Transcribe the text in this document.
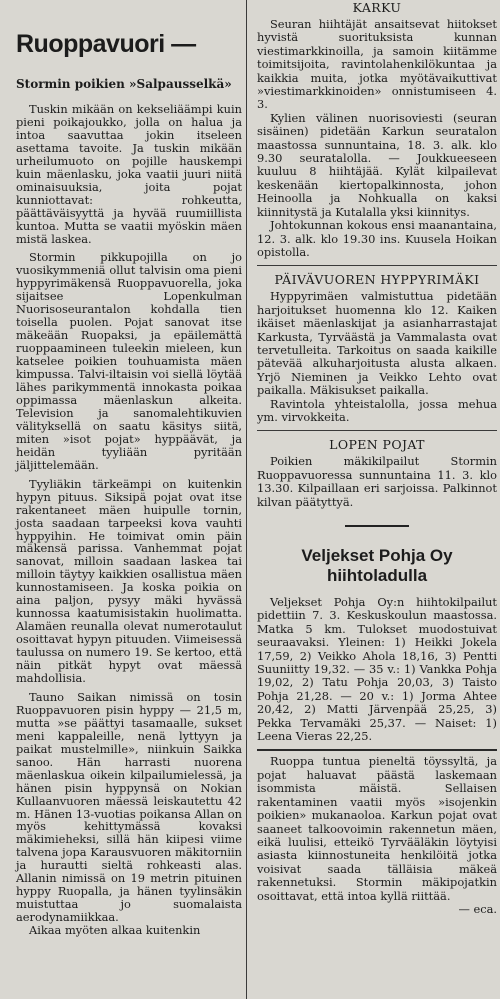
Ruoppavuori —
Stormin poikien »Salpausselkä»

Tuskin mikään on kekseliäämpi kuin pieni poikajoukko, jolla on halua ja intoa saavuttaa jokin itseleen asettama tavoite. Ja tuskin mikään urheilumuoto on pojille hauskempi kuin mäenlasku, joka vaatii juuri niitä ominaisuuksia, joita pojat kunniottavat: rohkeutta, päättäväisyyttä ja hyvää ruumiillista kuntoa. Mutta se vaatii myöskin mäen mistä laskea.

Stormin pikkupojilla on jo vuosikymmeniä ollut talvisin oma pieni hyppyrimäkensä Ruoppavuorella, joka sijaitsee Lopenkulman Nuorisoseurantalon kohdalla tien toisella puolen. Pojat sanovat itse mäkeään Ruopaksi, ja epäilemättä ruoppaamineen tuleekin mieleen, kun katselee poikien touhuamista mäen kimpussa. Talvi-iltaisin voi siellä löytää lähes parikymmentä innokasta poikaa oppimassa mäenlaskun alkeita. Television ja sanomalehtikuvien välityksellä on saatu käsitys siitä, miten »isot pojat» hyppäävät, ja heidän tyyliään pyritään jäljittelemään.

Tyyliäkin tärkeämpi on kuitenkin hypyn pituus. Siksipä pojat ovat itse rakentaneet mäen huipulle tornin, josta saadaan tarpeeksi kova vauhti hyppyihin. He toimivat omin päin mäkensä parissa. Vanhemmat pojat sanovat, milloin saadaan laskea tai milloin täytyy kaikkien osallistua mäen kunnostamiseen. Ja koska poikia on aina paljon, pysyy mäki hyvässä kunnossa kaatumisistakin huolimatta. Alamäen reunalla olevat numerotaulut osoittavat hypyn pituuden. Viimeisessä taulussa on numero 19. Se kertoo, että näin pitkät hypyt ovat mäessä mahdollisia.

Tauno Saikan nimissä on tosin Ruoppavuoren pisin hyppy — 21,5 m, mutta »se päättyi tasamaalle, sukset meni kappaleille, nenä lyttyyn ja paikat mustelmille», niinkuin Saikka sanoo. Hän harrasti nuorena mäenlaskua oikein kilpailumielessä, ja hänen pisin hyppynsä on Nokian Kullaanvuoren mäessä leiskautettu 42 m. Hänen 13-vuotias poikansa Allan on myös kehittymässä kovaksi mäkimieheksi, sillä hän kiipesi viime talvena jopa Karausvuoren mäkitorniin ja hurautti sieltä rohkeasti alas. Allanin nimissä on 19 metrin pituinen hyppy Ruopalla, ja hänen tyylinsäkin muistuttaa jo suomalaista aerodynamiikkaa.

Aikaa myöten alkaa kuitenkin

KARKU

Seuran hiihtäjät ansaitsevat hiitokset hyvistä suorituksista kunnan viestimarkkinoilla, ja samoin kiitämme toimitsijoita, ravintolahenkilökuntaa ja kaikkia muita, jotka myötävaikuttivat »viestimarkkinoiden» onnistumiseen 4. 3.

Kylien välinen nuorisoviesti (seuran sisäinen) pidetään Karkun seuratalon maastossa sunnuntaina, 18. 3. alk. klo 9.30 seuratalolla. — Joukkueeseen kuuluu 8 hiihtäjää. Kylät kilpailevat keskenään kiertopalkinnosta, johon Heinoolla ja Nohkualla on kaksi kiinnitystä ja Kutalalla yksi kiinnitys.

Johtokunnan kokous ensi maanantaina, 12. 3. alk. klo 19.30 ins. Kuusela Hoikan opistolla.

PÄIVÄVUOREN HYPPYRIMÄKI

Hyppyrimäen valmistuttua pidetään harjoitukset huomenna klo 12. Kaiken ikäiset mäenlaskijat ja asianharrastajat Karkusta, Tyrväästä ja Vammalasta ovat tervetulleita. Tarkoitus on saada kaikille pätevää alkuharjoitusta alusta alkaen. Yrjö Nieminen ja Veikko Lehto ovat paikalla. Mäkisukset paikalla.

Ravintola yhteistalolla, jossa mehua ym. virvokkeita.

LOPEN POJAT

Poikien mäkikilpailut Stormin Ruoppavuoressa sunnuntaina 11. 3. klo 13.30. Kilpaillaan eri sarjoissa. Palkinnot kilvan päätyttyä.

Veljekset Pohja Oy hiihtoladulla

Veljekset Pohja Oy:n hiihtokilpailut pidettiin 7. 3. Keskuskoulun maastossa. Matka 5 km. Tulokset muodostuivat seuraavaksi. Yleinen: 1) Heikki Jokela 17,59, 2) Veikko Ahola 18,16, 3) Pentti Suuniitty 19,32. — 35 v.: 1) Vankka Pohja 19,02, 2) Tatu Pohja 20,03, 3) Taisto Pohja 21,28. — 20 v.: 1) Jorma Ahtee 20,42, 2) Matti Järvenpää 25,25, 3) Pekka Tervamäki 25,37. — Naiset: 1) Leena Vieras 22,25.

Ruoppa tuntua pieneltä töyssyltä, ja pojat haluavat päästä laskemaan isommista mäistä. Sellaisen rakentaminen vaatii myös »isojenkin poikien» mukanaoloa. Karkun pojat ovat saaneet talkoovoimin rakennetun mäen, eikä luulisi, etteikö Tyrvääläkin löytyisi asiasta kiinnostuneita henkilöitä jotka voisivat saada tälläisia mäkeä rakennetuksi. Stormin mäkipojatkin osoittavat, että intoa kyllä riittää.

— eca.
